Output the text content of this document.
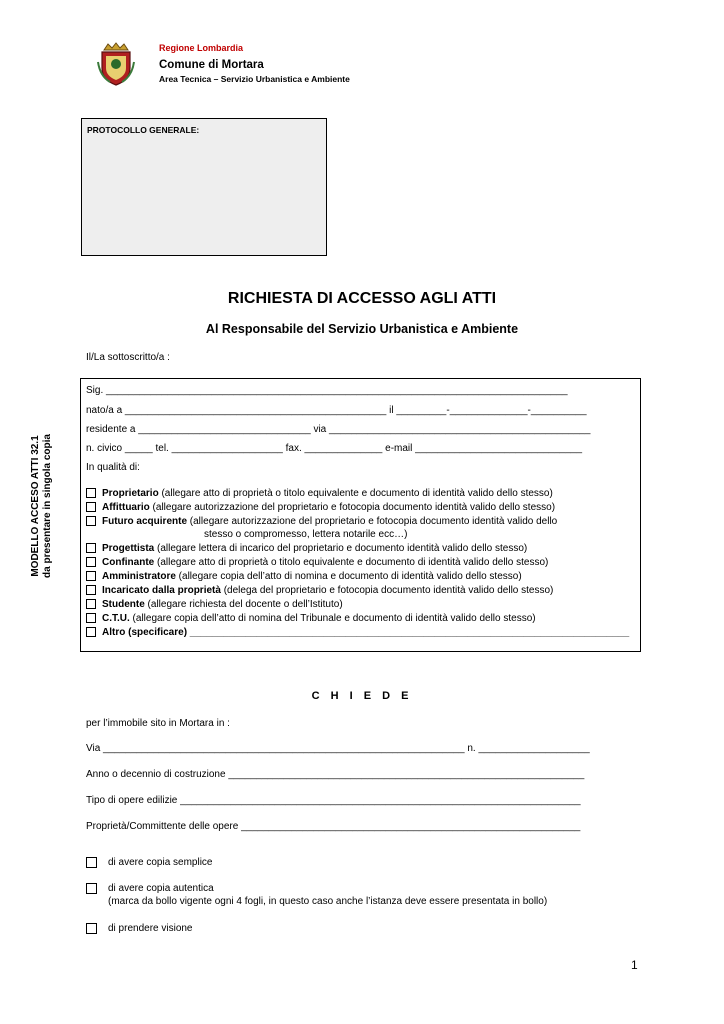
Regione Lombardia
Comune di Mortara
Area Tecnica – Servizio Urbanistica e Ambiente
PROTOCOLLO GENERALE:
RICHIESTA DI ACCESSO AGLI ATTI
Al Responsabile del Servizio Urbanistica e Ambiente
MODELLO ACCESO ATTI 32.1 da presentare in singola copia
Il/La sottoscritto/a :
Sig. ___________________________________________________________________________________
nato/a a _______________________________________________ il _________-______________-__________
residente a _______________________________ via _______________________________________________
n. civico _____ tel. ____________________ fax. ______________ e-mail ______________________________
In qualità di:
Proprietario (allegare atto di proprietà o titolo equivalente e documento di identità valido dello stesso)
Affittuario (allegare autorizzazione del proprietario e fotocopia documento identità valido dello stesso)
Futuro acquirente (allegare autorizzazione del proprietario e fotocopia documento identità valido dello
stesso o compromesso, lettera notarile ecc…)
Progettista (allegare lettera di incarico del proprietario e documento identità valido dello stesso)
Confinante (allegare atto di proprietà o titolo equivalente e documento di identità valido dello stesso)
Amministratore (allegare copia dell’atto di nomina e documento di identità valido dello stesso)
Incaricato dalla proprietà (delega del proprietario e fotocopia documento identità valido dello stesso)
Studente (allegare richiesta del docente o dell’Istituto)
C.T.U. (allegare copia dell’atto di nomina del Tribunale e documento di identità valido dello stesso)
Altro (specificare) _______________________________________________________________________________
C H I E D E
per l’immobile sito in Mortara in :
Via _________________________________________________________________ n. ____________________
Anno o decennio di costruzione ________________________________________________________________
Tipo di opere edilizie ________________________________________________________________________
Proprietà/Committente delle opere _____________________________________________________________
di avere copia semplice
di avere copia autentica
(marca da bollo vigente ogni 4 fogli, in questo caso anche l’istanza deve essere presentata in bollo)
di prendere visione
1
